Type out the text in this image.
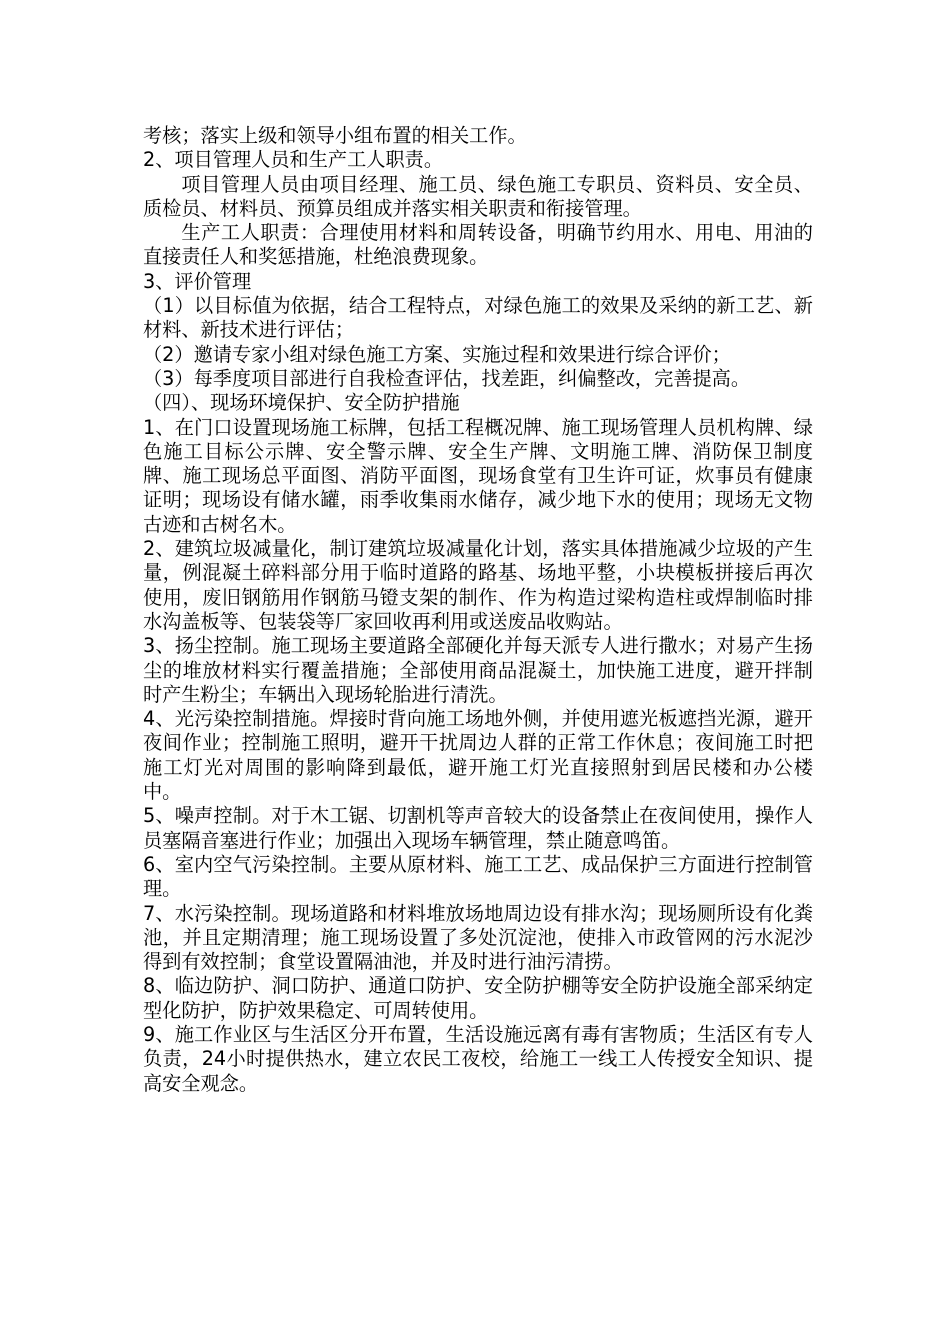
考核；落实上级和领导小组布置的相关工作。

2、项目管理人员和生产工人职责。

项目管理人员由项目经理、施工员、绿色施工专职员、资料员、安全员、质检员、材料员、预算员组成并落实相关职责和衔接管理。

生产工人职责：合理使用材料和周转设备，明确节约用水、用电、用油的直接责任人和奖惩措施，杜绝浪费现象。

3、评价管理

（1）以目标值为依据，结合工程特点，对绿色施工的效果及采纳的新工艺、新材料、新技术进行评估；

（2）邀请专家小组对绿色施工方案、实施过程和效果进行综合评价；

（3）每季度项目部进行自我检查评估，找差距，纠偏整改，完善提高。

（四）、现场环境保护、安全防护措施

1、在门口设置现场施工标牌，包括工程概况牌、施工现场管理人员机构牌、绿色施工目标公示牌、安全警示牌、安全生产牌、文明施工牌、消防保卫制度牌、施工现场总平面图、消防平面图，现场食堂有卫生许可证，炊事员有健康证明；现场设有储水罐，雨季收集雨水储存，减少地下水的使用；现场无文物古迹和古树名木。

2、建筑垃圾减量化，制订建筑垃圾减量化计划，落实具体措施减少垃圾的产生量，例混凝土碎料部分用于临时道路的路基、场地平整，小块模板拼接后再次使用，废旧钢筋用作钢筋马镫支架的制作、作为构造过梁构造柱或焊制临时排水沟盖板等、包装袋等厂家回收再利用或送废品收购站。

3、扬尘控制。施工现场主要道路全部硬化并每天派专人进行撒水；对易产生扬尘的堆放材料实行覆盖措施；全部使用商品混凝土，加快施工进度，避开拌制时产生粉尘；车辆出入现场轮胎进行清洗。

4、光污染控制措施。焊接时背向施工场地外侧，并使用遮光板遮挡光源，避开夜间作业；控制施工照明，避开干扰周边人群的正常工作休息；夜间施工时把施工灯光对周围的影响降到最低，避开施工灯光直接照射到居民楼和办公楼中。

5、噪声控制。对于木工锯、切割机等声音较大的设备禁止在夜间使用，操作人员塞隔音塞进行作业；加强出入现场车辆管理，禁止随意鸣笛。

6、室内空气污染控制。主要从原材料、施工工艺、成品保护三方面进行控制管理。

7、水污染控制。现场道路和材料堆放场地周边设有排水沟；现场厕所设有化粪池，并且定期清理；施工现场设置了多处沉淀池，使排入市政管网的污水泥沙得到有效控制；食堂设置隔油池，并及时进行油污清捞。

8、临边防护、洞口防护、通道口防护、安全防护棚等安全防护设施全部采纳定型化防护，防护效果稳定、可周转使用。

9、施工作业区与生活区分开布置，生活设施远离有毒有害物质；生活区有专人负责，24小时提供热水，建立农民工夜校，给施工一线工人传授安全知识、提高安全观念。
